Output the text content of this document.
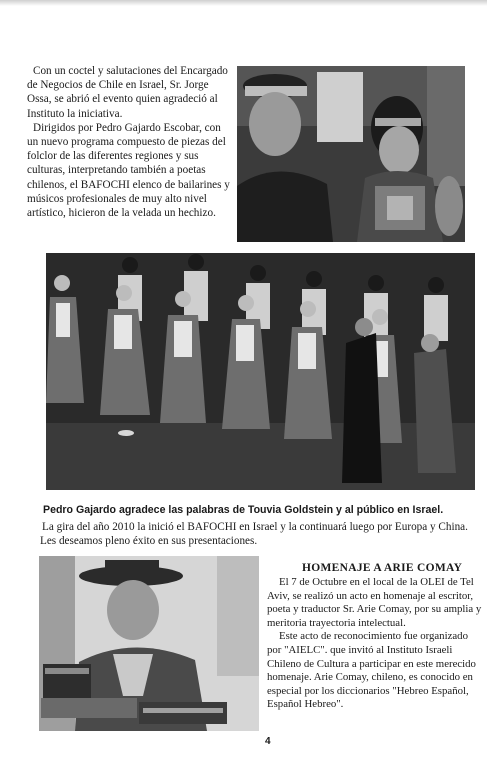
Con un coctel y salutaciones del Encargado de Negocios de Chile en Israel, Sr. Jorge Ossa, se abrió el evento quien agradeció al Instituto la iniciativa.

Dirigidos por Pedro Gajardo Escobar, con un nuevo programa compuesto de piezas del folclor de las diferentes regiones y sus culturas, interpretando también a poetas chilenos, el BAFOCHI elenco de bailarines y músicos profesionales de muy alto nivel artístico, hicieron de la velada un hechizo.

Pedro Gajardo agradece las palabras de Touvia Goldstein y al público en Israel.

La gira del año 2010 la inició el BAFOCHI en Israel y la continuará luego por Europa y China. Les deseamos pleno éxito en sus presentaciones.

HOMENAJE A ARIE COMAY

El 7 de Octubre en el local de la OLEI de Tel Aviv, se realizó un acto en homenaje al escritor, poeta y traductor Sr. Arie Comay, por su amplia y meritoria trayectoria intelectual.

Este acto de reconocimiento fue organizado por "AIELC". que invitó al Instituto Israeli Chileno de Cultura a participar en este merecido homenaje. Arie Comay, chileno, es conocido en especial por los diccionarios "Hebreo Español, Español Hebreo".

4
